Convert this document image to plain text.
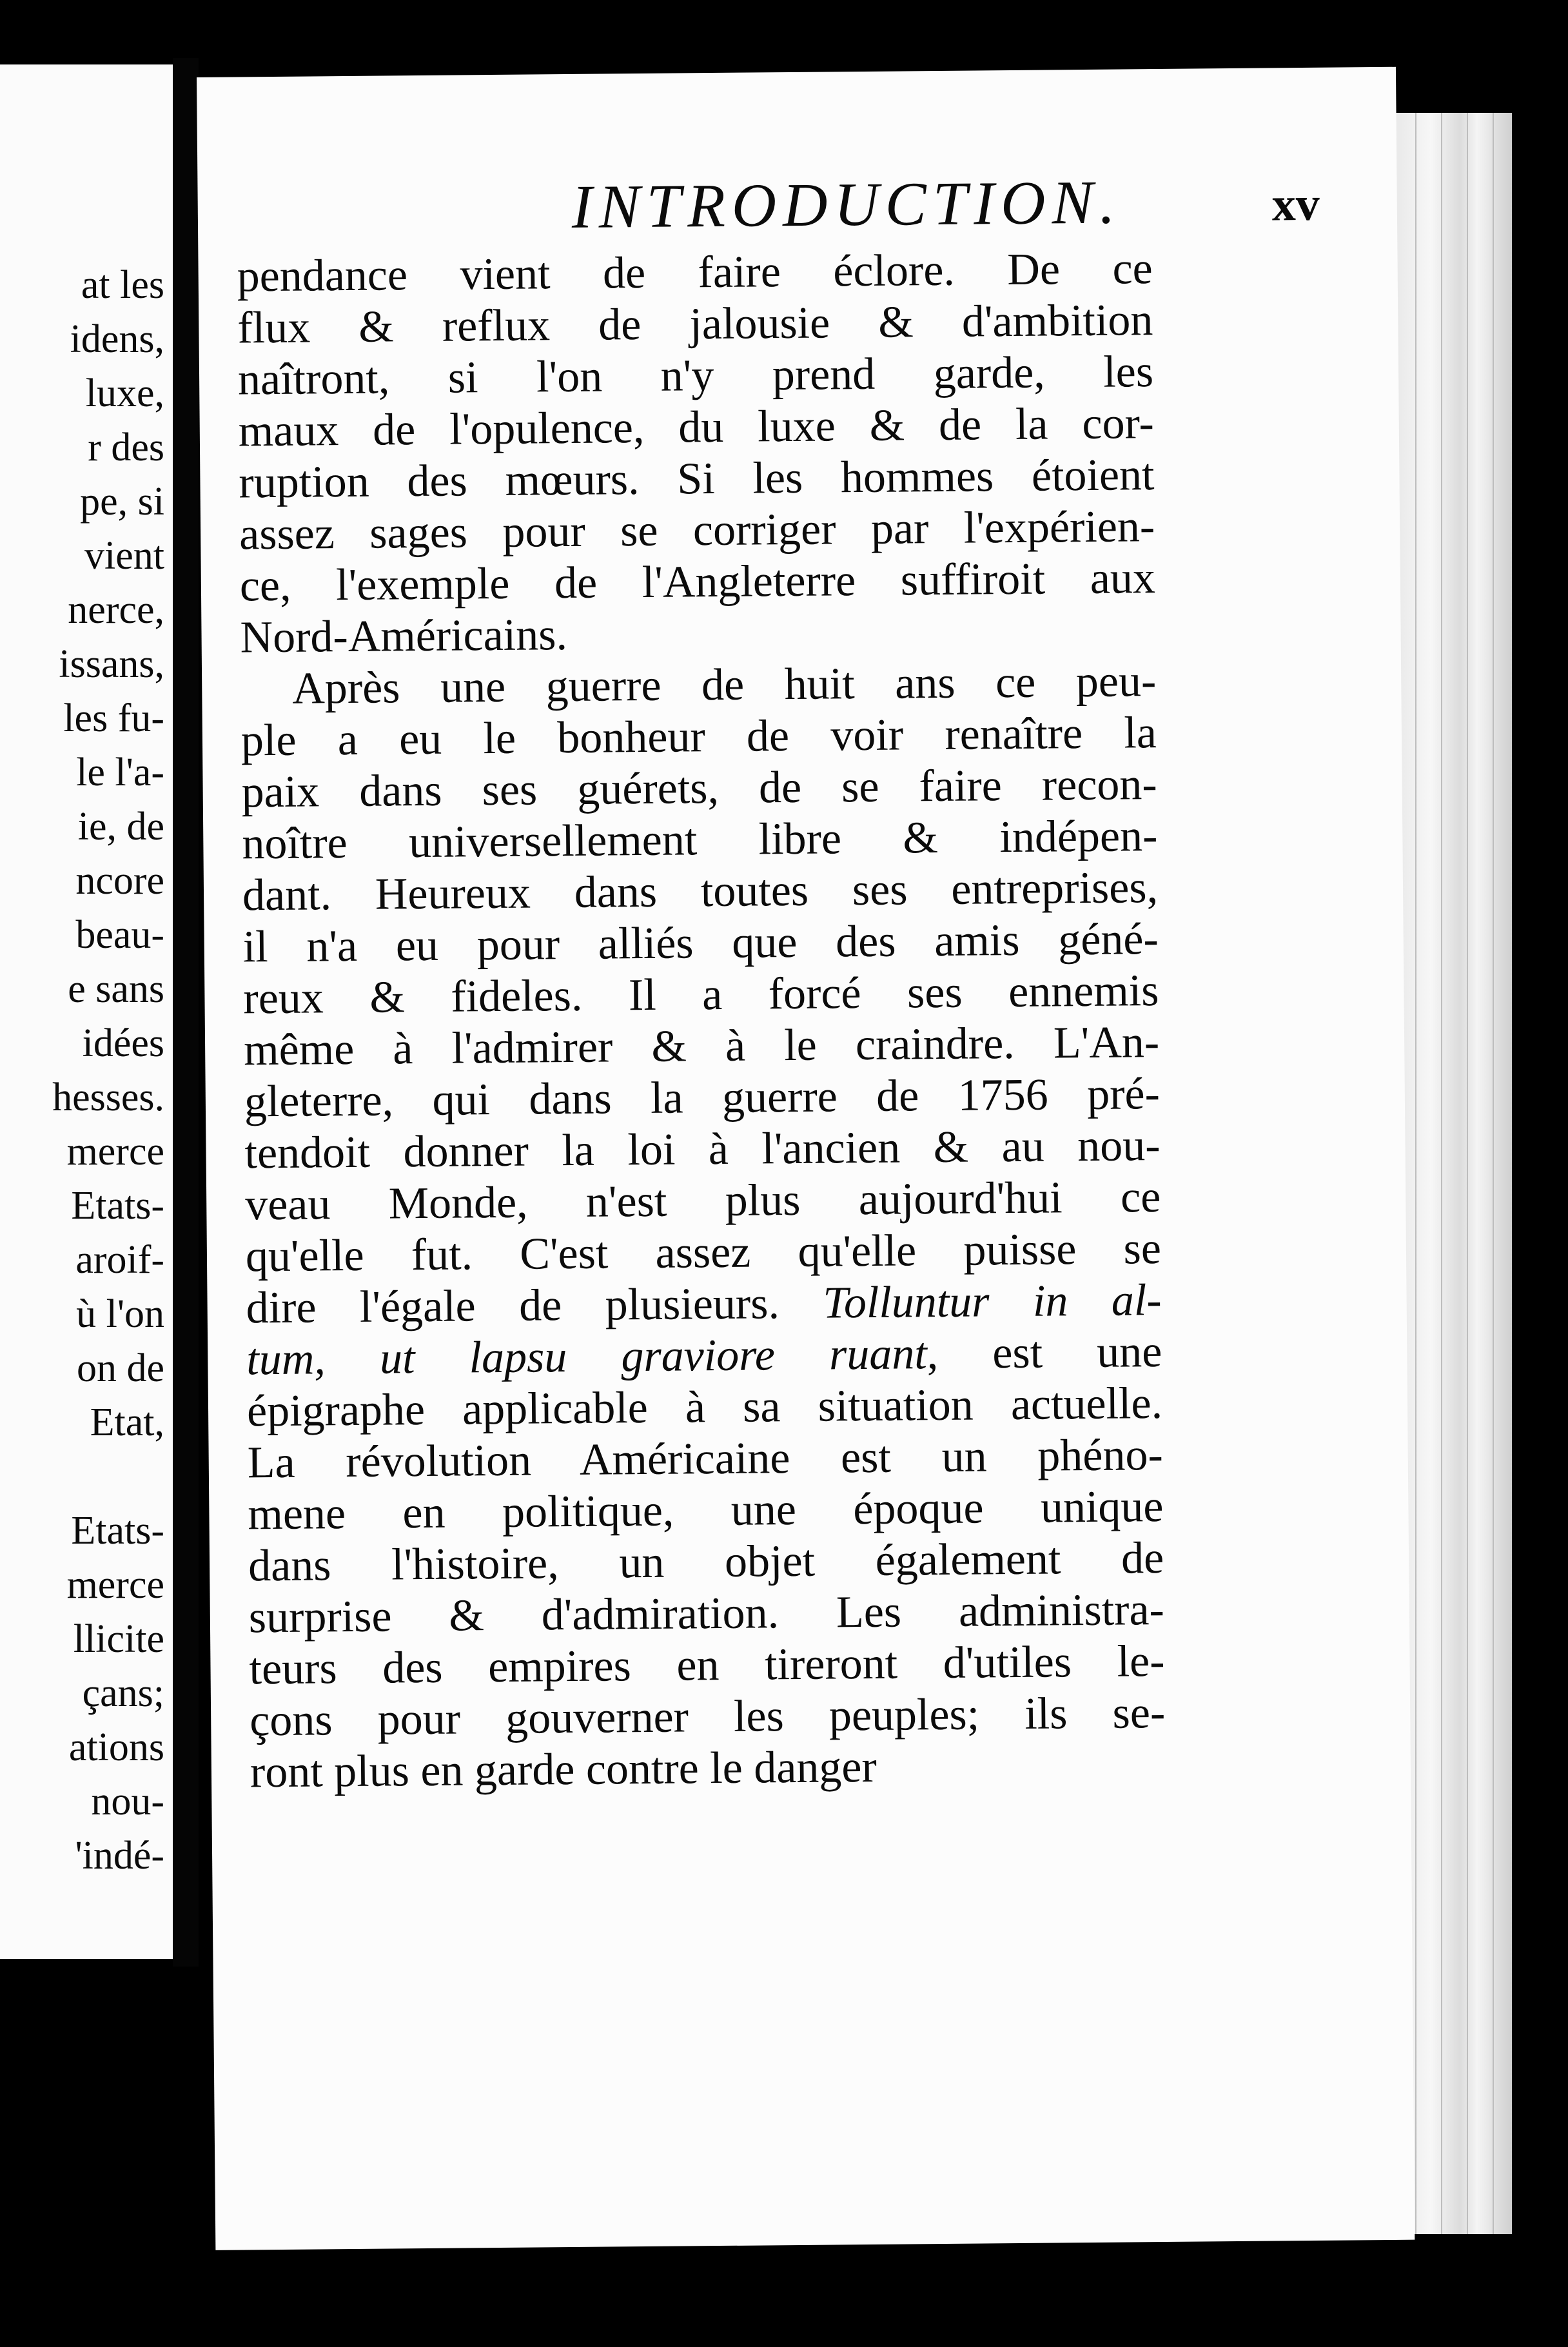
at les
idens,
luxe,
r des
pe, si
vient
nerce,
issans,
les fu-
le l'a-
ie, de
ncore
beau-
e sans
idées
hesses.
merce
Etats-
aroif-
ù l'on
on de
Etat,
Etats-
merce
llicite
çans;
ations
nou-
'indé-
INTRODUCTION.	xv
pendance vient de faire éclore. De ce
flux & reflux de jalousie & d'ambition
naîtront, si l'on n'y prend garde, les
maux de l'opulence, du luxe & de la cor-
ruption des mœurs. Si les hommes étoient
assez sages pour se corriger par l'expérien-
ce, l'exemple de l'Angleterre suffiroit aux
Nord-Américains.
Après une guerre de huit ans ce peu-
ple a eu le bonheur de voir renaître la
paix dans ses guérets, de se faire recon-
noître universellement libre & indépen-
dant. Heureux dans toutes ses entreprises,
il n'a eu pour alliés que des amis géné-
reux & fideles. Il a forcé ses ennemis
même à l'admirer & à le craindre. L'An-
gleterre, qui dans la guerre de 1756 pré-
tendoit donner la loi à l'ancien & au nou-
veau Monde, n'est plus aujourd'hui ce
qu'elle fut. C'est assez qu'elle puisse se
dire l'égale de plusieurs. Tolluntur in al-
tum, ut lapsu graviore ruant, est une
épigraphe applicable à sa situation actuelle.
La révolution Américaine est un phéno-
mene en politique, une époque unique
dans l'histoire, un objet également de
surprise & d'admiration. Les administra-
teurs des empires en tireront d'utiles le-
çons pour gouverner les peuples; ils se-
ront plus en garde contre le danger
